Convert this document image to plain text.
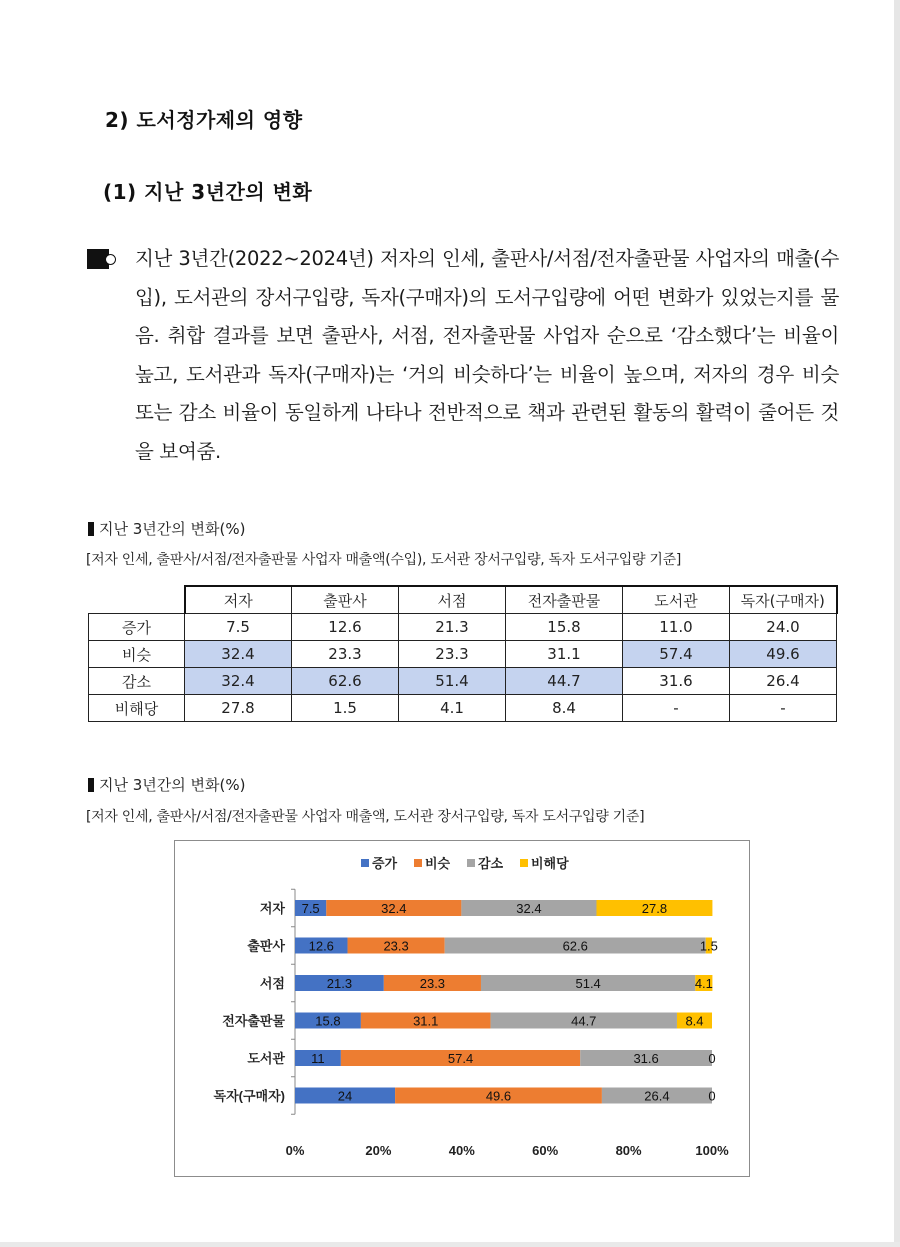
2) 도서정가제의 영향
(1) 지난 3년간의 변화
지난 3년간(2022~2024년) 저자의 인세, 출판사/서점/전자출판물 사업자의 매출(수입), 도서관의 장서구입량, 독자(구매자)의 도서구입량에 어떤 변화가 있었는지를 물음. 취합 결과를 보면 출판사, 서점, 전자출판물 사업자 순으로 ‘감소했다’는 비율이 높고, 도서관과 독자(구매자)는 ‘거의 비슷하다’는 비율이 높으며, 저자의 경우 비슷 또는 감소 비율이 동일하게 나타나 전반적으로 책과 관련된 활동의 활력이 줄어든 것을 보여줌.
지난 3년간의 변화(%)
[저자 인세, 출판사/서점/전자출판물 사업자 매출액(수입), 도서관 장서구입량, 독자 도서구입량 기준]
	저자	출판사	서점	전자출판물	도서관	독자(구매자)
증가	7.5	12.6	21.3	15.8	11.0	24.0
비슷	32.4	23.3	23.3	31.1	57.4	49.6
감소	32.4	62.6	51.4	44.7	31.6	26.4
비해당	27.8	1.5	4.1	8.4	-	-
지난 3년간의 변화(%)
[저자 인세, 출판사/서점/전자출판물 사업자 매출액, 도서관 장서구입량, 독자 도서구입량 기준]
증가 비슷 감소 비해당
저자 7.5	32.4	32.4	27.8
출판사 12.6	23.3	62.6	1.5
서점	21.3	23.3	51.4	4.1
전자출판물 15.8	31.1	44.7	8.4
도서관 11	57.4	31.6	0
독자(구매자)	24	49.6	26.4	0
0%	20%	40%	60%	80%	100%
